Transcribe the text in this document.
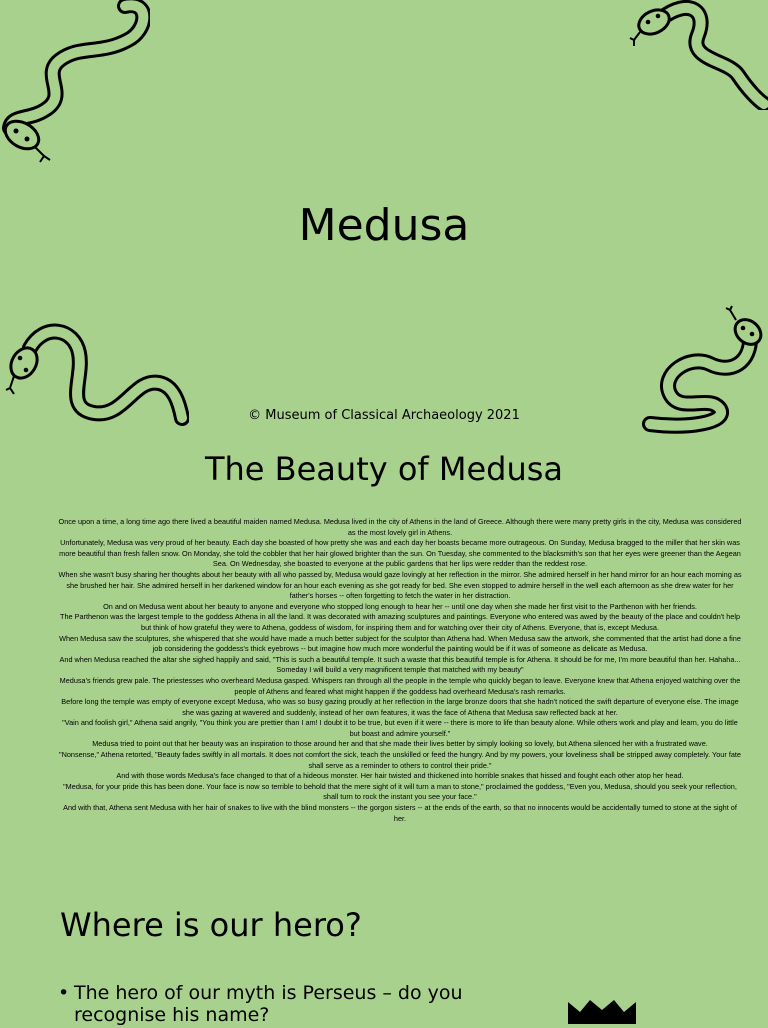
Medusa
© Museum of Classical Archaeology 2021
The Beauty of Medusa

Once upon a time, a long time ago there lived a beautiful maiden named Medusa. Medusa lived in the city of Athens in the land of Greece. Although there were many pretty girls in the city, Medusa was considered as the most lovely girl in Athens.

Unfortunately, Medusa was very proud of her beauty. Each day she boasted of how pretty she was and each day her boasts became more outrageous. On Sunday, Medusa bragged to the miller that her skin was more beautiful than fresh fallen snow. On Monday, she told the cobbler that her hair glowed brighter than the sun. On Tuesday, she commented to the blacksmith's son that her eyes were greener than the Aegean Sea. On Wednesday, she boasted to everyone at the public gardens that her lips were redder than the reddest rose.

When she wasn't busy sharing her thoughts about her beauty with all who passed by, Medusa would gaze lovingly at her reflection in the mirror. She admired herself in her hand mirror for an hour each morning as she brushed her hair. She admired herself in her darkened window for an hour each evening as she got ready for bed. She even stopped to admire herself in the well each afternoon as she drew water for her father's horses -- often forgetting to fetch the water in her distraction.

On and on Medusa went about her beauty to anyone and everyone who stopped long enough to hear her -- until one day when she made her first visit to the Parthenon with her friends.

The Parthenon was the largest temple to the goddess Athena in all the land. It was decorated with amazing sculptures and paintings. Everyone who entered was awed by the beauty of the place and couldn't help but think of how grateful they were to Athena, goddess of wisdom, for inspiring them and for watching over their city of Athens. Everyone, that is, except Medusa.

When Medusa saw the sculptures, she whispered that she would have made a much better subject for the sculptor than Athena had. When Medusa saw the artwork, she commented that the artist had done a fine job considering the goddess's thick eyebrows -- but imagine how much more wonderful the painting would be if it was of someone as delicate as Medusa.

And when Medusa reached the altar she sighed happily and said, "This is such a beautiful temple. It such a waste that this beautiful temple is for Athena. It should be for me, I'm more beautiful than her. Hahaha... Someday I will build a very magnificent temple that matched with my beauty"

Medusa's friends grew pale. The priestesses who overheard Medusa gasped. Whispers ran through all the people in the temple who quickly began to leave. Everyone knew that Athena enjoyed watching over the people of Athens and feared what might happen if the goddess had overheard Medusa's rash remarks.

Before long the temple was empty of everyone except Medusa, who was so busy gazing proudly at her reflection in the large bronze doors that she hadn't noticed the swift departure of everyone else. The image she was gazing at wavered and suddenly, instead of her own features, it was the face of Athena that Medusa saw reflected back at her.

"Vain and foolish girl," Athena said angrily, "You think you are prettier than I am! I doubt it to be true, but even if it were -- there is more to life than beauty alone. While others work and play and learn, you do little but boast and admire yourself."

Medusa tried to point out that her beauty was an inspiration to those around her and that she made their lives better by simply looking so lovely, but Athena silenced her with a frustrated wave.

"Nonsense," Athena retorted, "Beauty fades swiftly in all mortals. It does not comfort the sick, teach the unskilled or feed the hungry. And by my powers, your loveliness shall be stripped away completely. Your fate shall serve as a reminder to others to control their pride."

And with those words Medusa's face changed to that of a hideous monster. Her hair twisted and thickened into horrible snakes that hissed and fought each other atop her head.

"Medusa, for your pride this has been done. Your face is now so terrible to behold that the mere sight of it will turn a man to stone," proclaimed the goddess, "Even you, Medusa, should you seek your reflection, shall turn to rock the instant you see your face."

And with that, Athena sent Medusa with her hair of snakes to live with the blind monsters -- the gorgon sisters -- at the ends of the earth, so that no innocents would be accidentally turned to stone at the sight of her.

Where is our hero?
• The hero of our myth is Perseus – do you recognise his name?
